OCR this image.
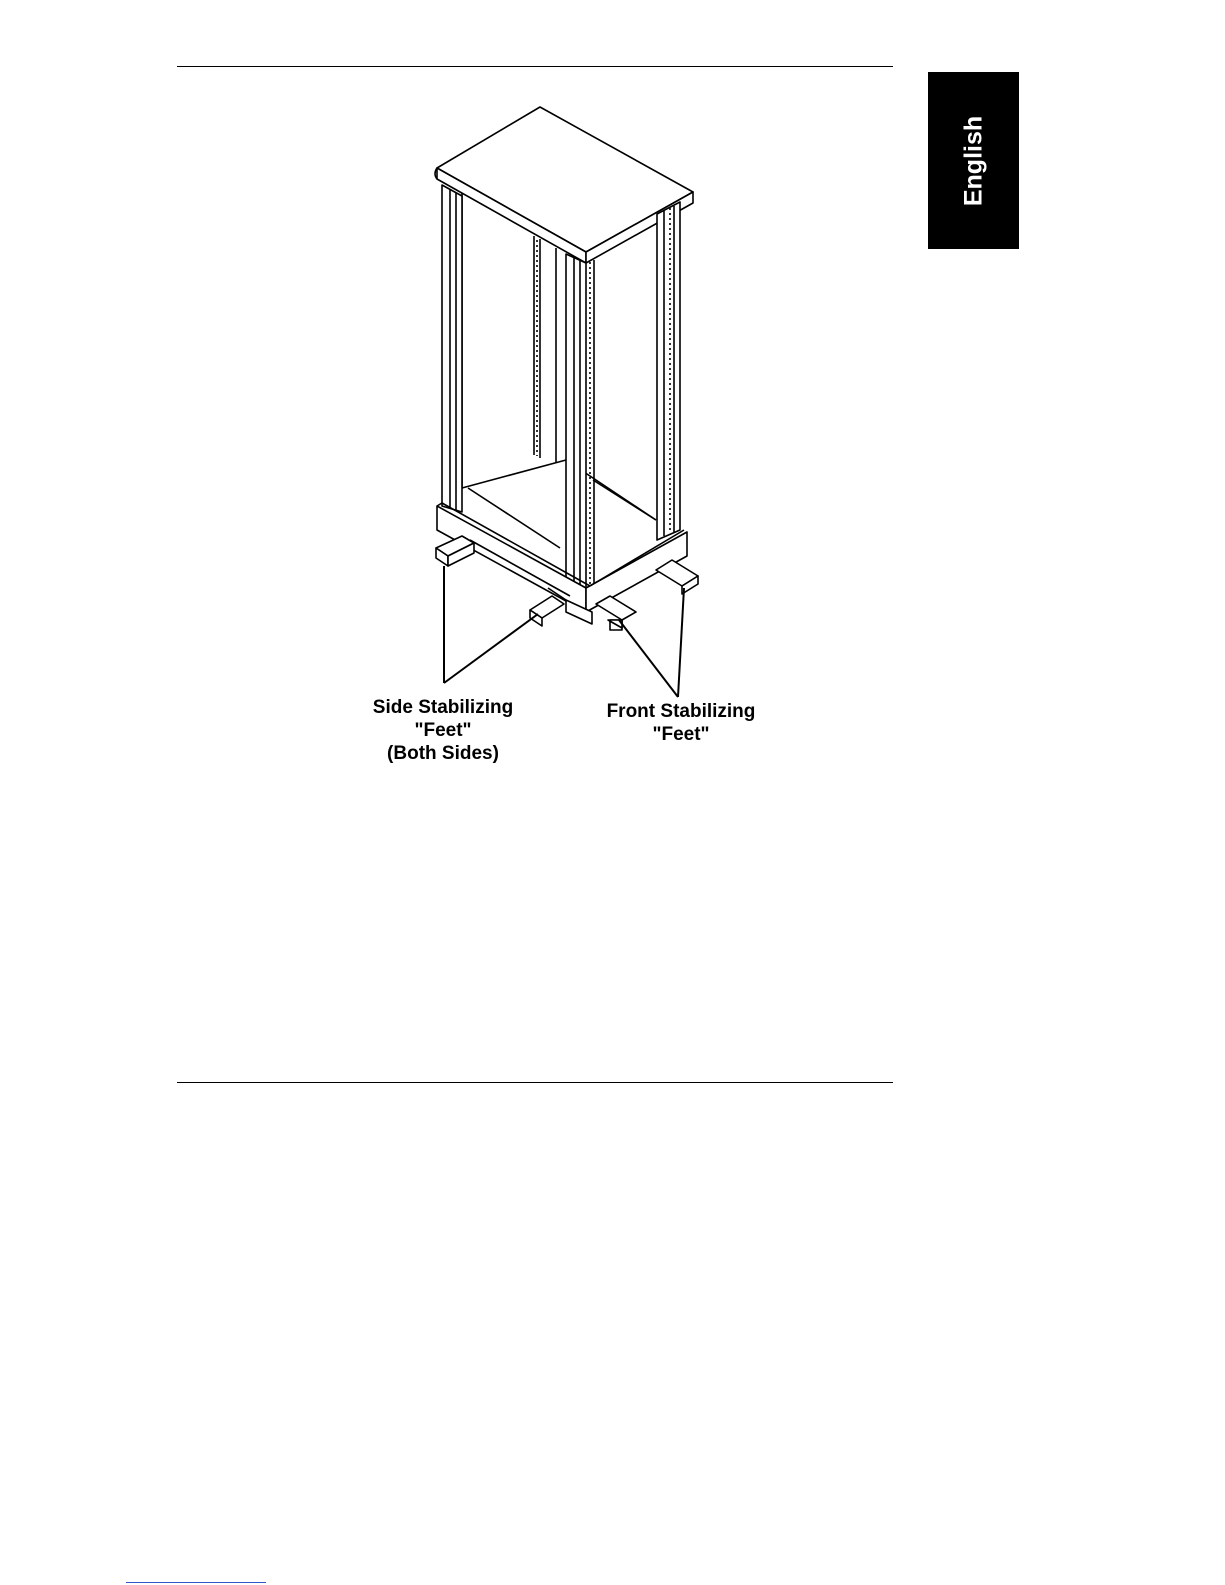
English
Side Stabilizing
"Feet"
(Both Sides)
Front Stabilizing
"Feet"
